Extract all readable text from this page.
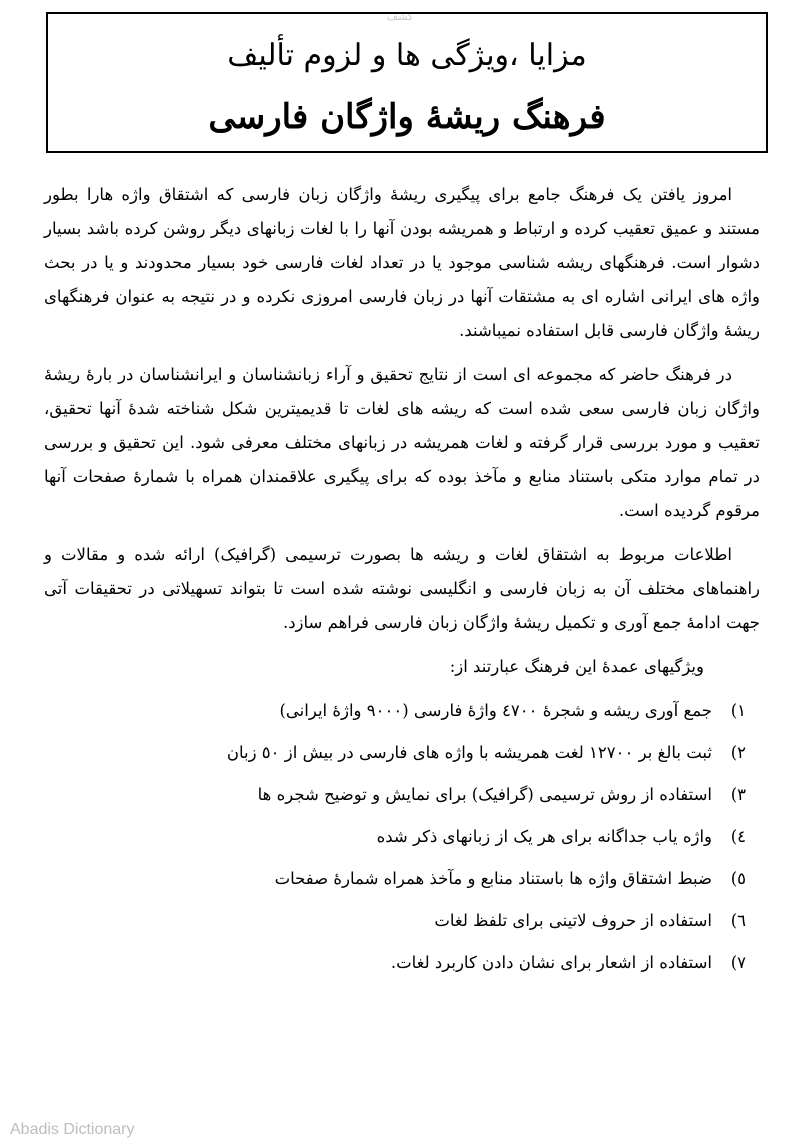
کشف
مزایا ،ویژگی ها و لزوم تألیف
فرهنگ ریشۀ واژگان فارسی

امروز یافتن یک فرهنگ جامع برای پیگیری ریشۀ واژگان زبان فارسی که اشتقاق واژه هارا بطور مستند و عمیق تعقیب کرده و ارتباط و همریشه بودن آنها را با لغات زبانهای دیگر روشن کرده باشد بسیار دشوار است. فرهنگهای ریشه شناسی موجود یا در تعداد لغات فارسی خود بسیار محدودند و یا در بحث واژه های ایرانی اشاره ای به مشتقات آنها در زبان فارسی امروزی نکرده و در نتیجه به عنوان فرهنگهای ریشۀ واژگان فارسی قابل استفاده نمیباشند.

در فرهنگ حاضر که مجموعه ای است از نتایج تحقیق و آراء زبانشناسان و ایرانشناسان در بارۀ ریشۀ واژگان زبان فارسی سعی شده است که ریشه های لغات تا قدیمیترین شکل شناخته شدۀ آنها تحقیق، تعقیب و مورد بررسی قرار گرفته و لغات همریشه در زبانهای مختلف معرفی شود. این تحقیق و بررسی در تمام موارد متکی باستناد منابع و مآخذ بوده که برای پیگیری علاقمندان همراه با شمارۀ صفحات آنها مرقوم گردیده است.

اطلاعات مربوط به اشتقاق لغات و ریشه ها بصورت ترسیمی (گرافیک) ارائه شده و مقالات و راهنماهای مختلف آن به زبان فارسی و انگلیسی نوشته شده است تا بتواند تسهیلاتی در تحقیقات آتی جهت ادامۀ جمع آوری و تکمیل ریشۀ واژگان زبان فارسی فراهم سازد.

ویژگیهای عمدۀ این فرهنگ عبارتند از:

۱)
جمع آوری ریشه و شجرۀ ٤٧٠٠ واژۀ فارسی (٩٠٠٠ واژۀ ایرانی)
۲)
ثبت بالغ بر ١٢٧٠٠ لغت همریشه با واژه های فارسی در بیش از ٥٠ زبان
۳)
استفاده از روش ترسیمی (گرافیک) برای نمایش و توضیح شجره ها
٤)
واژه یاب جداگانه برای هر یک از زبانهای ذکر شده
٥)
ضبط اشتقاق واژه ها باستناد منابع و مآخذ همراه شمارۀ صفحات
٦)
استفاده از حروف لاتینی برای تلفظ لغات
۷)
استفاده از اشعار برای نشان دادن کاربرد لغات.
Abadis Dictionary
